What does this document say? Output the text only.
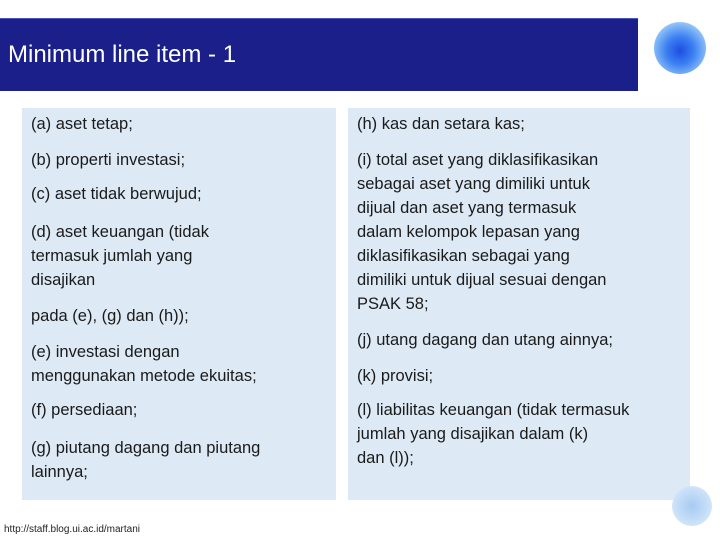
Minimum line item - 1
(a) aset tetap;
(b) properti investasi;
(c) aset tidak berwujud;
(d) aset keuangan (tidak
termasuk jumlah yang
disajikan
pada (e), (g) dan (h));
(e) investasi dengan
menggunakan metode ekuitas;
(f) persediaan;
(g) piutang dagang dan piutang
lainnya;
(h) kas dan setara kas;
(i) total aset yang diklasifikasikan
sebagai aset yang dimiliki untuk
dijual dan aset yang termasuk
dalam kelompok lepasan yang
diklasifikasikan sebagai yang
dimiliki untuk dijual sesuai dengan
PSAK 58;
(j) utang dagang dan utang ainnya;
(k) provisi;
(l) liabilitas keuangan (tidak termasuk
jumlah yang disajikan dalam (k)
dan (l));
http://staff.blog.ui.ac.id/martani
